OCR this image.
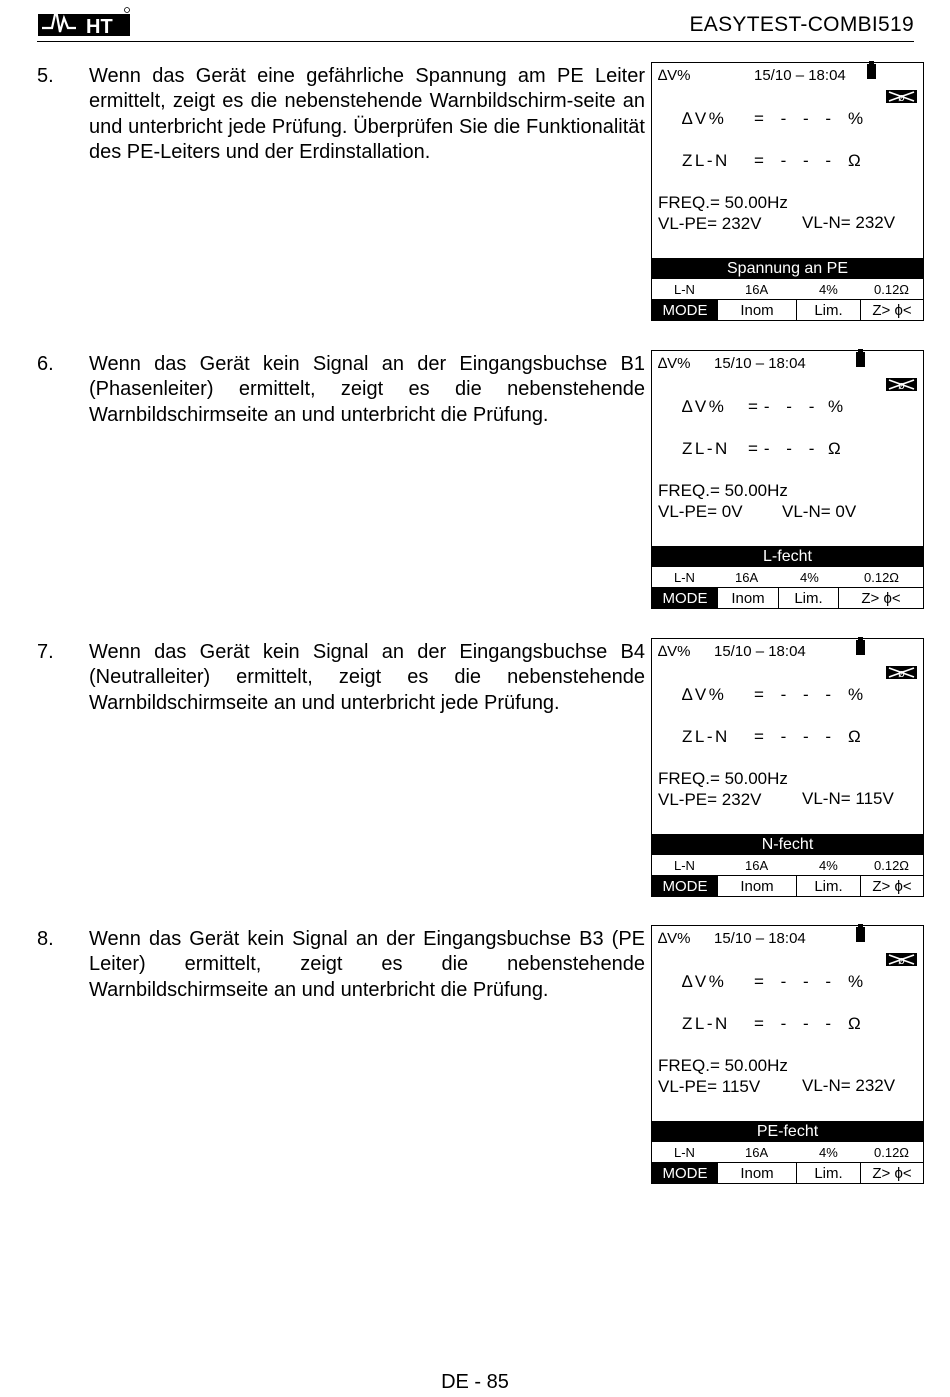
HT	EASYTEST-COMBI519
5. Wenn das Gerät eine gefährliche Spannung am PE Leiter ermittelt, zeigt es die nebenstehende Warnbildschirm-seite an und unterbricht jede Prüfung. Überprüfen Sie die Funktionalität des PE-Leiters und der Erdinstallation.
∆V%	15/10 – 18:04
ø
∆V% = - - - %
ZL-N = - - - Ω
FREQ.= 50.00Hz
VL-PE= 232V VL-N= 232V
Spannung an PE
L-N	16A	4%	0.12Ω
MODE	Inom	Lim.	Z> ϕ<
6. Wenn das Gerät kein Signal an der Eingangsbuchse B1 (Phasenleiter) ermittelt, zeigt es die nebenstehende Warnbildschirmseite an und unterbricht die Prüfung.
∆V% 15/10 – 18:04
ø
∆V% =- - - %
ZL-N =- - - Ω
FREQ.= 50.00Hz
VL-PE= 0V VL-N= 0V
L-fecht
L-N	16A	4%	0.12Ω
MODE	Inom	Lim.	Z> ϕ<
7. Wenn das Gerät kein Signal an der Eingangsbuchse B4 (Neutralleiter) ermittelt, zeigt es die nebenstehende Warnbildschirmseite an und unterbricht jede Prüfung.
∆V% 15/10 – 18:04
ø
∆V% = - - - %
ZL-N = - - - Ω
FREQ.= 50.00Hz
VL-PE= 232V VL-N= 115V
N-fecht
L-N	16A	4%	0.12Ω
MODE	Inom	Lim.	Z> ϕ<
8. Wenn das Gerät kein Signal an der Eingangsbuchse B3 (PE Leiter) ermittelt, zeigt es die nebenstehende Warnbildschirmseite an und unterbricht die Prüfung.
∆V% 15/10 – 18:04
ø
∆V% = - - - %
ZL-N = - - - Ω
FREQ.= 50.00Hz
VL-PE= 115V VL-N= 232V
PE-fecht
L-N	16A	4%	0.12Ω
MODE	Inom	Lim.	Z> ϕ<
DE - 85
